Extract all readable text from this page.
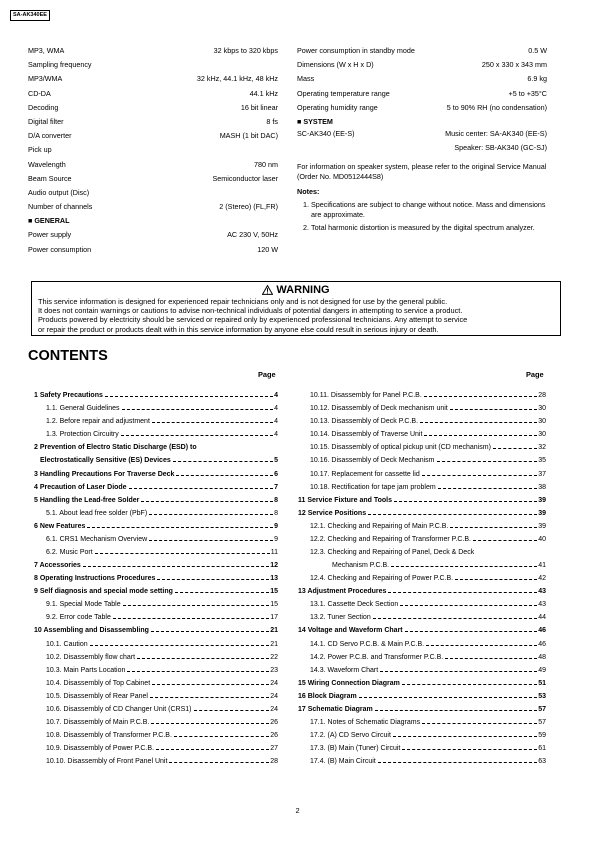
SA-AK340EE
MP3, WMA	32 kbps to 320 kbps
Sampling frequency
MP3/WMA	32 kHz, 44.1 kHz, 48 kHz
CD-DA	44.1 kHz
Decoding	16 bit linear
Digital filter	8 fs
D/A converter	MASH (1 bit DAC)
Pick up
Wavelength	780 nm
Beam Source	Semiconductor laser
Audio output (Disc)
Number of channels	2 (Stereo) (FL,FR)
■ GENERAL
Power supply	AC 230 V, 50Hz
Power consumption	120 W
Power consumption in standby mode	0.5 W
Dimensions (W x H x D)	250 x 330 x 343 mm
Mass	6.9 kg
Operating temperature range	+5 to +35°C
Operating humidity range	5 to 90% RH (no condensation)
■ SYSTEM
SC-AK340 (EE-S)	Music center: SA-AK340 (EE-S)
Speaker: SB-AK340 (GC-SJ)
For information on speaker system, please refer to the original Service Manual (Order No. MD0512444S8)
Notes:
1. Specifications are subject to change without notice. Mass and dimensions are approximate.
2. Total harmonic distortion is measured by the digital spectrum analyzer.
WARNING
This service information is designed for experienced repair technicians only and is not designed for use by the general public.
It does not contain warnings or cautions to advise non-technical individuals of potential dangers in attempting to service a product.
Products powered by electricity should be serviced or repaired only by experienced professional technicians. Any attempt to service
or repair the product or products dealt with in this service information by anyone else could result in serious injury or death.
CONTENTS
Page	Page
1 Safety Precautions	4
1.1. General Guidelines	4
1.2. Before repair and adjustment	4
1.3. Protection Circuitry	4
2 Prevention of Electro Static Discharge (ESD) to
Electrostatically Sensitive (ES) Devices	5
3 Handling Precautions For Traverse Deck	6
4 Precaution of Laser Diode	7
5 Handling the Lead-free Solder	8
5.1. About lead free solder (PbF)	8
6 New Features	9
6.1. CRS1 Mechanism Overview	9
6.2. Music Port	11
7 Accessories	12
8 Operating Instructions Procedures	13
9 Self diagnosis and special mode setting	15
9.1. Special Mode Table	15
9.2. Error code Table	17
10 Assembling and Disassembling	21
10.1. Caution	21
10.2. Disassembly flow chart	22
10.3. Main Parts Location	23
10.4. Disassembly of Top Cabinet	24
10.5. Disassembly of Rear Panel	24
10.6. Disassembly of CD Changer Unit (CRS1)	24
10.7. Disassembly of Main P.C.B.	26
10.8. Disassembly of Transformer P.C.B.	26
10.9. Disassembly of Power P.C.B.	27
10.10. Disassembly of Front Panel Unit	28
10.11. Disassembly for Panel P.C.B.	28
10.12. Disassembly of Deck mechanism unit	30
10.13. Disassembly of Deck P.C.B.	30
10.14. Disassembly of Traverse Unit	30
10.15. Disassembly of optical pickup unit (CD mechanism)	32
10.16. Disassembly of Deck Mechanism	35
10.17. Replacement for cassette lid	37
10.18. Rectification for tape jam problem	38
11 Service Fixture and Tools	39
12 Service Positions	39
12.1. Checking and Repairing of Main P.C.B.	39
12.2. Checking and Repairing of Transformer P.C.B.	40
12.3. Checking and Repairing of Panel, Deck & Deck
Mechanism P.C.B.	41
12.4. Checking and Repairing of Power P.C.B.	42
13 Adjustment Procedures	43
13.1. Cassette Deck Section	43
13.2. Tuner Section	44
14 Voltage and Waveform Chart	46
14.1. CD Servo P.C.B. & Main P.C.B.	46
14.2. Power P.C.B. and Transformer P.C.B.	48
14.3. Waveform Chart	49
15 Wiring Connection Diagram	51
16 Block Diagram	53
17 Schematic Diagram	57
17.1. Notes of Schematic Diagrams	57
17.2. (A) CD Servo Circuit	59
17.3. (B) Main (Tuner) Circuit	61
17.4. (B) Main Circuit	63
2
